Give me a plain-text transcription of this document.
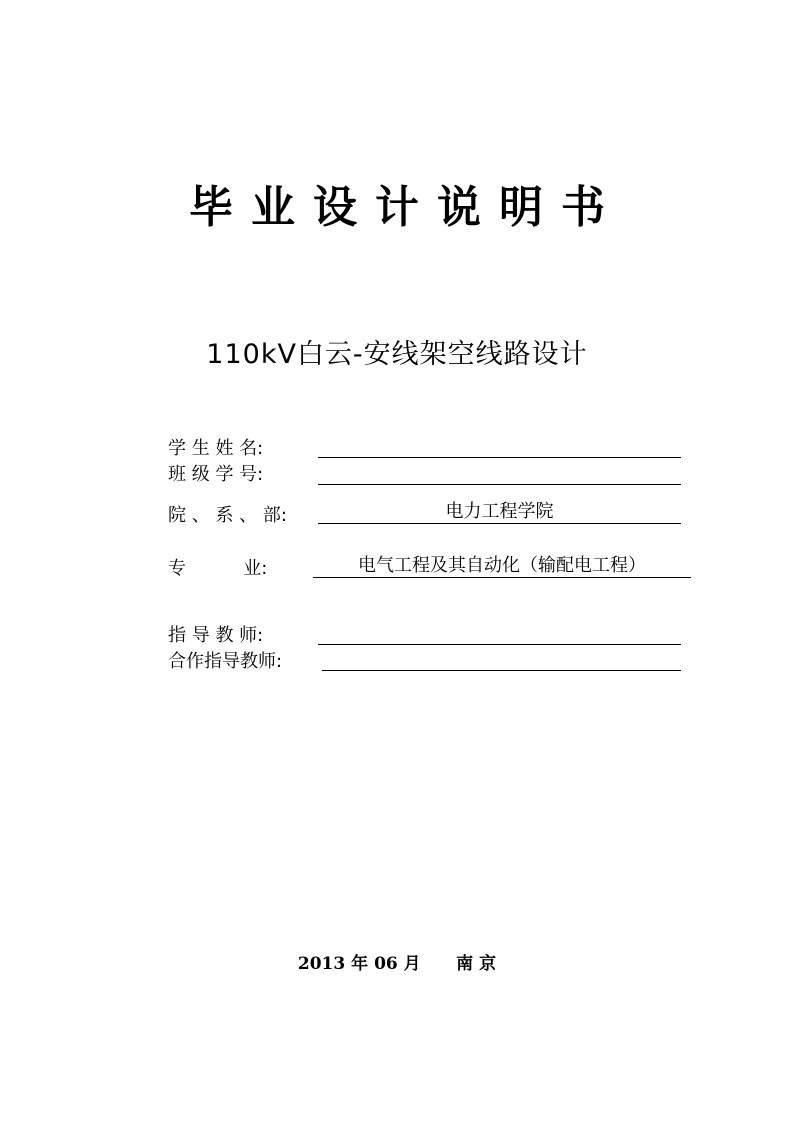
毕业设计说明书
110kV白云-安线架空线路设计
学 生 姓 名:
班 级 学 号:
院 、 系 、 部:	电力工程学院
专          业:	电气工程及其自动化（输配电工程）
指 导 教 师:
合作指导教师:
2013 年 06 月 南 京
